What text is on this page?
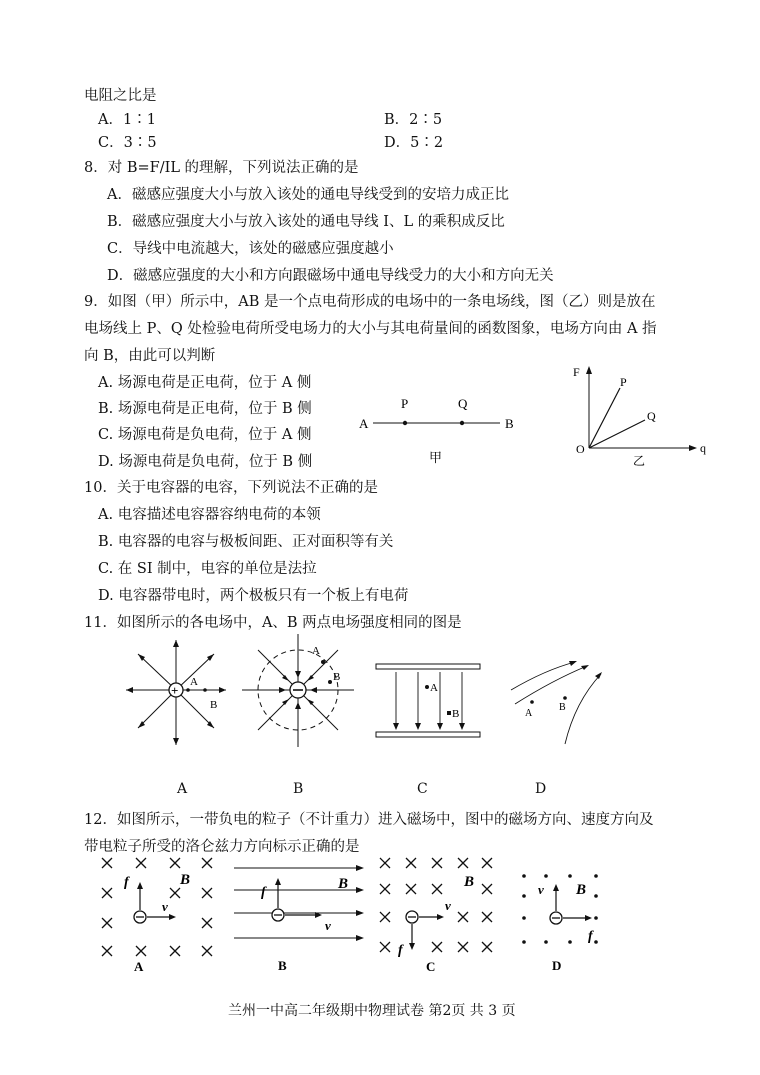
电阻之比是
A．1∶1	B．2∶5
C．3∶5	D．5∶2
8．对 B=F/IL 的理解，下列说法正确的是
A．磁感应强度大小与放入该处的通电导线受到的安培力成正比
B．磁感应强度大小与放入该处的通电导线 I、L 的乘积成反比
C．导线中电流越大，该处的磁感应强度越小
D．磁感应强度的大小和方向跟磁场中通电导线受力的大小和方向无关
9．如图（甲）所示中，AB 是一个点电荷形成的电场中的一条电场线，图（乙）则是放在
电场线上 P、Q 处检验电荷所受电场力的大小与其电荷量间的函数图象，电场方向由 A 指
向 B，由此可以判断
A. 场源电荷是正电荷，位于 A 侧
B. 场源电荷是正电荷，位于 B 侧
C. 场源电荷是负电荷，位于 A 侧
D. 场源电荷是负电荷，位于 B 侧
A
P	Q
B
甲
F
P
Q
O	q
乙
10．关于电容器的电容，下列说法不正确的是
A. 电容描述电容器容纳电荷的本领
B. 电容器的电容与极板间距、正对面积等有关
C. 在 SI 制中，电容的单位是法拉
D. 电容器带电时，两个极板只有一个板上有电荷
11．如图所示的各电场中，A、B 两点电场强度相同的图是
+
A
B
A
B
A
B	A
B
A	B	C	D
12．如图所示，一带负电的粒子（不计重力）进入磁场中，图中的磁场方向、速度方向及
带电粒子所受的洛仑兹力方向标示正确的是
f
v
B
A
f
v
B
B
f
v
B
C
v
f
B
D
兰州一中高二年级期中物理试卷 第2页 共 3 页
